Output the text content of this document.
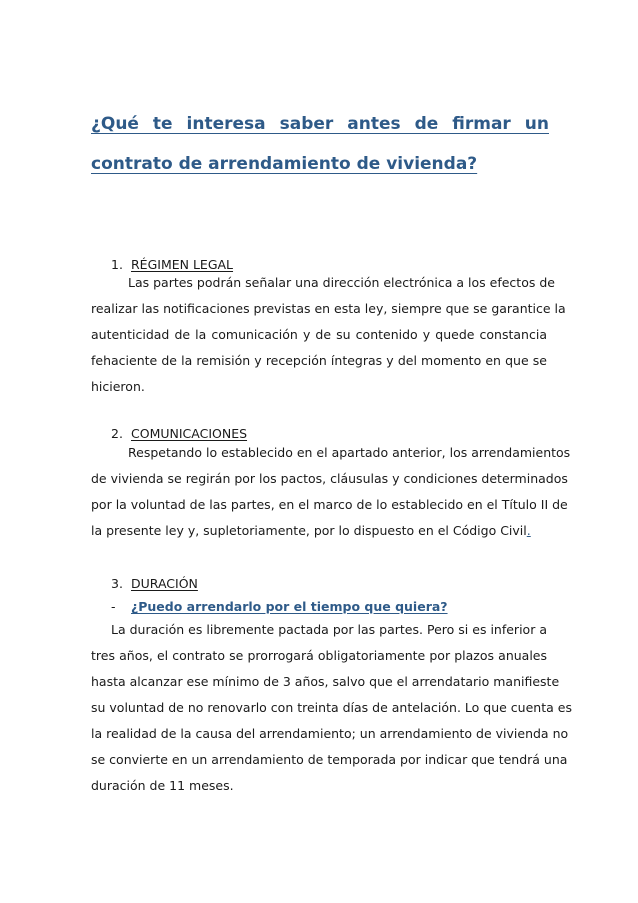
¿Qué te interesa saber antes de firmar un
contrato de arrendamiento de vivienda?
1. RÉGIMEN LEGAL
Las partes podrán señalar una dirección electrónica a los efectos de
realizar las notificaciones previstas en esta ley, siempre que se garantice la
autenticidad de la comunicación y de su contenido y quede constancia
fehaciente de la remisión y recepción íntegras y del momento en que se
hicieron.
2. COMUNICACIONES
Respetando lo establecido en el apartado anterior, los arrendamientos
de vivienda se regirán por los pactos, cláusulas y condiciones determinados
por la voluntad de las partes, en el marco de lo establecido en el Título II de
la presente ley y, supletoriamente, por lo dispuesto en el Código Civil.
3. DURACIÓN
- ¿Puedo arrendarlo por el tiempo que quiera?
La duración es libremente pactada por las partes. Pero si es inferior a
tres años, el contrato se prorrogará obligatoriamente por plazos anuales
hasta alcanzar ese mínimo de 3 años, salvo que el arrendatario manifieste
su voluntad de no renovarlo con treinta días de antelación. Lo que cuenta es
la realidad de la causa del arrendamiento; un arrendamiento de vivienda no
se convierte en un arrendamiento de temporada por indicar que tendrá una
duración de 11 meses.
